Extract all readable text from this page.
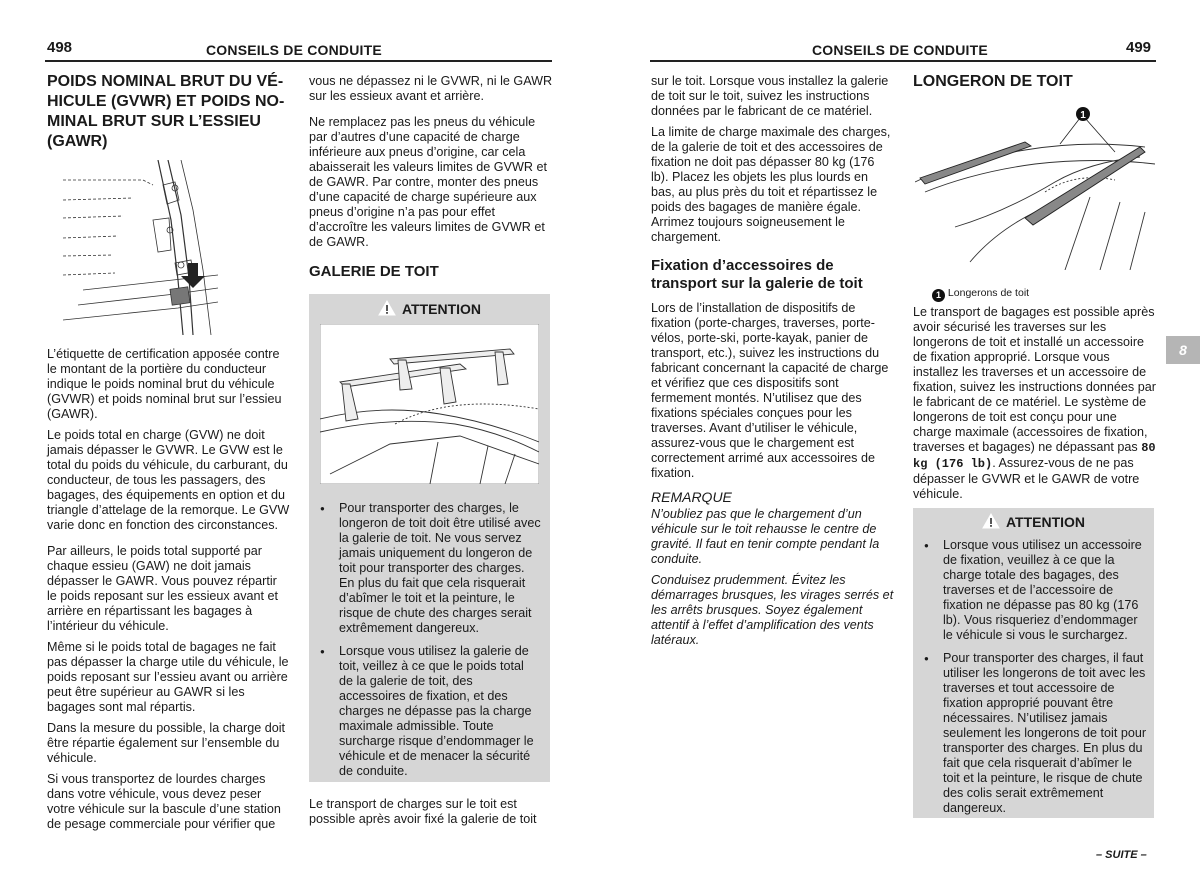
498	CONSEILS DE CONDUITE	CONSEILS DE CONDUITE	499
8
POIDS NOMINAL BRUT DU VÉ-
HICULE (GVWR) ET POIDS NO-
MINAL BRUT SUR L’ESSIEU
(GAWR)

L’étiquette de certification apposée contre le montant de la portière du conducteur indique le poids nominal brut du véhicule (GVWR) et poids nominal brut sur l’essieu (GAWR).

Le poids total en charge (GVW) ne doit jamais dépasser le GVWR. Le GVW est le total du poids du véhicule, du carburant, du conducteur, de tous les passagers, des bagages, des équipements en option et du triangle d’attelage de la remorque. Le GVW varie donc en fonction des circonstances.

Par ailleurs, le poids total supporté par chaque essieu (GAW) ne doit jamais dépasser le GAWR. Vous pouvez répartir le poids reposant sur les essieux avant et arrière en répartissant les bagages à l’intérieur du véhicule.

Même si le poids total de bagages ne fait pas dépasser la charge utile du véhicule, le poids reposant sur l’essieu avant ou arrière peut être supérieur au GAWR si les bagages sont mal répartis.

Dans la mesure du possible, la charge doit être répartie également sur l’ensemble du véhicule.

Si vous transportez de lourdes charges dans votre véhicule, vous devez peser votre véhicule sur la bascule d’une station de pesage commerciale pour vérifier que

vous ne dépassez ni le GVWR, ni le GAWR sur les essieux avant et arrière.

Ne remplacez pas les pneus du véhicule par d’autres d’une capacité de charge inférieure aux pneus d’origine, car cela abaisserait les valeurs limites de GVWR et de GAWR. Par contre, monter des pneus d’une capacité de charge supérieure aux pneus d’origine n’a pas pour effet d’accroître les valeurs limites de GVWR et de GAWR.

GALERIE DE TOIT
ATTENTION
● Pour transporter des charges, le longeron de toit doit être utilisé avec la galerie de toit. Ne vous servez jamais uniquement du longeron de toit pour transporter des charges. En plus du fait que cela risquerait d’abîmer le toit et la peinture, le risque de chute des charges serait extrêmement dangereux.
● Lorsque vous utilisez la galerie de toit, veillez à ce que le poids total de la galerie de toit, des accessoires de fixation, et des charges ne dépasse pas la charge maximale admissible. Toute surcharge risque d’endommager le véhicule et de menacer la sécurité de conduite.

Le transport de charges sur le toit est possible après avoir fixé la galerie de toit

sur le toit. Lorsque vous installez la galerie de toit sur le toit, suivez les instructions données par le fabricant de ce matériel.

La limite de charge maximale des charges, de la galerie de toit et des accessoires de fixation ne doit pas dépasser 80 kg (176 lb). Placez les objets les plus lourds en bas, au plus près du toit et répartissez le poids des bagages de manière égale. Arrimez toujours soigneusement le chargement.

Fixation d’accessoires de
transport sur la galerie de toit

Lors de l’installation de dispositifs de fixation (porte-charges, traverses, porte-vélos, porte-ski, porte-kayak, panier de transport, etc.), suivez les instructions du fabricant concernant la capacité de charge et vérifiez que ces dispositifs sont fermement montés. N’utilisez que des fixations spéciales conçues pour les traverses. Avant d’utiliser le véhicule, assurez-vous que le chargement est correctement arrimé aux accessoires de fixation.

REMARQUE

N’oubliez pas que le chargement d’un véhicule sur le toit rehausse le centre de gravité. Il faut en tenir compte pendant la conduite.

Conduisez prudemment. Évitez les démarrages brusques, les virages serrés et les arrêts brusques. Soyez également attentif à l’effet d’amplification des vents latéraux.

LONGERON DE TOIT
1
1 Longerons de toit

Le transport de bagages est possible après avoir sécurisé les traverses sur les longerons de toit et installé un accessoire de fixation approprié. Lorsque vous installez les traverses et un accessoire de fixation, suivez les instructions données par le fabricant de ce matériel. Le système de longerons de toit est conçu pour une charge maximale (accessoires de fixation, traverses et bagages) ne dépassant pas 80 kg (176 lb). Assurez-vous de ne pas dépasser le GVWR et le GAWR de votre véhicule.

ATTENTION
● Lorsque vous utilisez un accessoire de fixation, veuillez à ce que la charge totale des bagages, des traverses et de l’accessoire de fixation ne dépasse pas 80 kg (176 lb). Vous risqueriez d’endommager le véhicule si vous le surchargez.
● Pour transporter des charges, il faut utiliser les longerons de toit avec les traverses et tout accessoire de fixation approprié pouvant être nécessaires. N’utilisez jamais seulement les longerons de toit pour transporter des charges. En plus du fait que cela risquerait d’abîmer le toit et la peinture, le risque de chute des colis serait extrêmement dangereux.
– SUITE –
